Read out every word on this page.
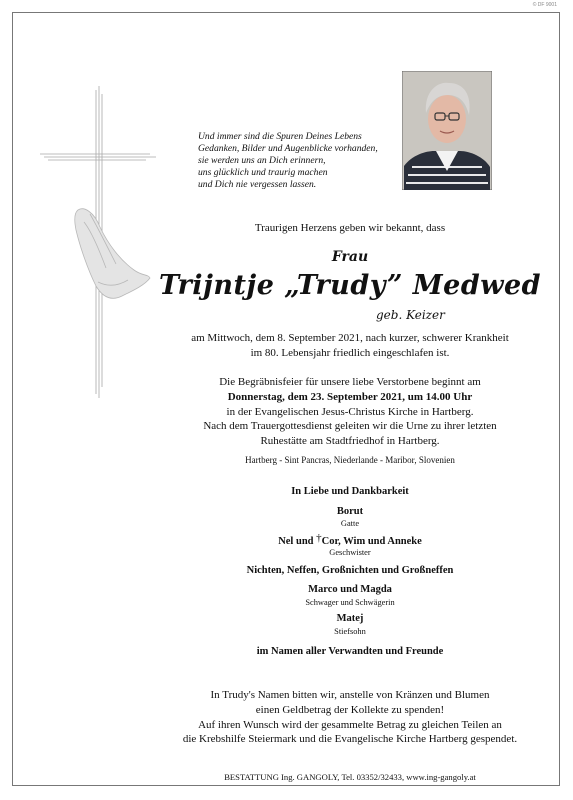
© DF 9001
Und immer sind die Spuren Deines Lebens
Gedanken, Bilder und Augenblicke vorhanden,
sie werden uns an Dich erinnern,
uns glücklich und traurig machen
und Dich nie vergessen lassen.
Traurigen Herzens geben wir bekannt, dass
Frau
Trijntje „Trudy” Medwed
geb. Keizer
am Mittwoch, dem 8. September 2021, nach kurzer, schwerer Krankheit
im 80. Lebensjahr friedlich eingeschlafen ist.
Die Begräbnisfeier für unsere liebe Verstorbene beginnt am
Donnerstag, dem 23. September 2021, um 14.00 Uhr
in der Evangelischen Jesus-Christus Kirche in Hartberg.
Nach dem Trauergottesdienst geleiten wir die Urne zu ihrer letzten
Ruhestätte am Stadtfriedhof in Hartberg.
Hartberg - Sint Pancras, Niederlande - Maribor, Slovenien
In Liebe und Dankbarkeit
Borut
Gatte
Nel und †Cor, Wim und Anneke
Geschwister
Nichten, Neffen, Großnichten und Großneffen
Marco und Magda
Schwager und Schwägerin
Matej
Stiefsohn
im Namen aller Verwandten und Freunde
In Trudy's Namen bitten wir, anstelle von Kränzen und Blumen
einen Geldbetrag der Kollekte zu spenden!
Auf ihren Wunsch wird der gesammelte Betrag zu gleichen Teilen an
die Krebshilfe Steiermark und die Evangelische Kirche Hartberg gespendet.
BESTATTUNG Ing. GANGOLY, Tel. 03352/32433, www.ing-gangoly.at
